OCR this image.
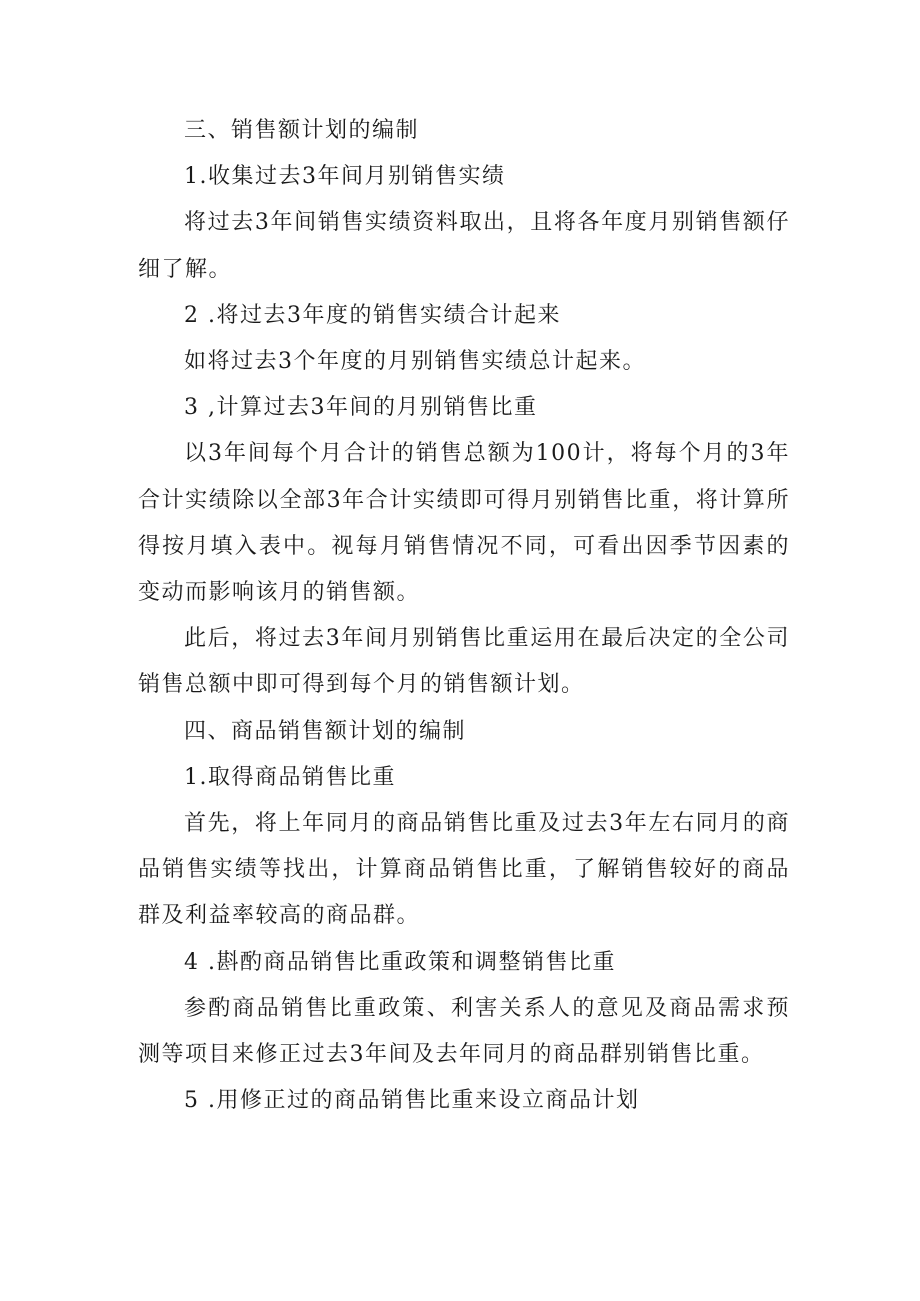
三、销售额计划的编制

1.收集过去3年间月别销售实绩

将过去3年间销售实绩资料取出，且将各年度月别销售额仔细了解。

2 .将过去3年度的销售实绩合计起来

如将过去3个年度的月别销售实绩总计起来。

3 ,计算过去3年间的月别销售比重

以3年间每个月合计的销售总额为100计，将每个月的3年合计实绩除以全部3年合计实绩即可得月别销售比重，将计算所得按月填入表中。视每月销售情况不同，可看出因季节因素的变动而影响该月的销售额。

此后，将过去3年间月别销售比重运用在最后决定的全公司销售总额中即可得到每个月的销售额计划。

四、商品销售额计划的编制

1.取得商品销售比重

首先，将上年同月的商品销售比重及过去3年左右同月的商品销售实绩等找出，计算商品销售比重，了解销售较好的商品群及利益率较高的商品群。

4 .斟酌商品销售比重政策和调整销售比重

参酌商品销售比重政策、利害关系人的意见及商品需求预测等项目来修正过去3年间及去年同月的商品群别销售比重。

5 .用修正过的商品销售比重来设立商品计划
